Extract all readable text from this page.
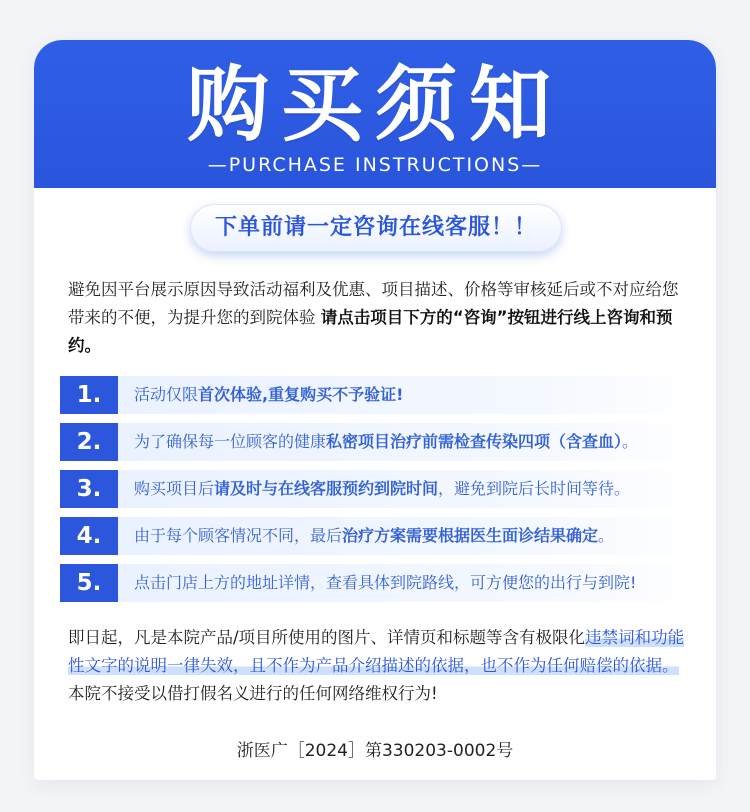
购买须知
—PURCHASE INSTRUCTIONS—
下单前请一定咨询在线客服！！
避免因平台展示原因导致活动福利及优惠、项目描述、价格等审核延后或不对应给您带来的不便，为提升您的到院体验 请点击项目下方的“咨询”按钮进行线上咨询和预约。
1.	活动仅限首次体验,重复购买不予验证!
2.	为了确保每一位顾客的健康私密项目治疗前需检查传染四项（含查血）。
3.	购买项目后请及时与在线客服预约到院时间，避免到院后长时间等待。
4.	由于每个顾客情况不同，最后治疗方案需要根据医生面诊结果确定。
5.	点击门店上方的地址详情，查看具体到院路线，可方便您的出行与到院!
即日起，凡是本院产品/项目所使用的图片、详情页和标题等含有极限化违禁词和功能性文字的说明一律失效，且不作为产品介绍描述的依据，也不作为任何赔偿的依据。本院不接受以借打假名义进行的任何网络维权行为!
浙医广［2024］第330203-0002号
